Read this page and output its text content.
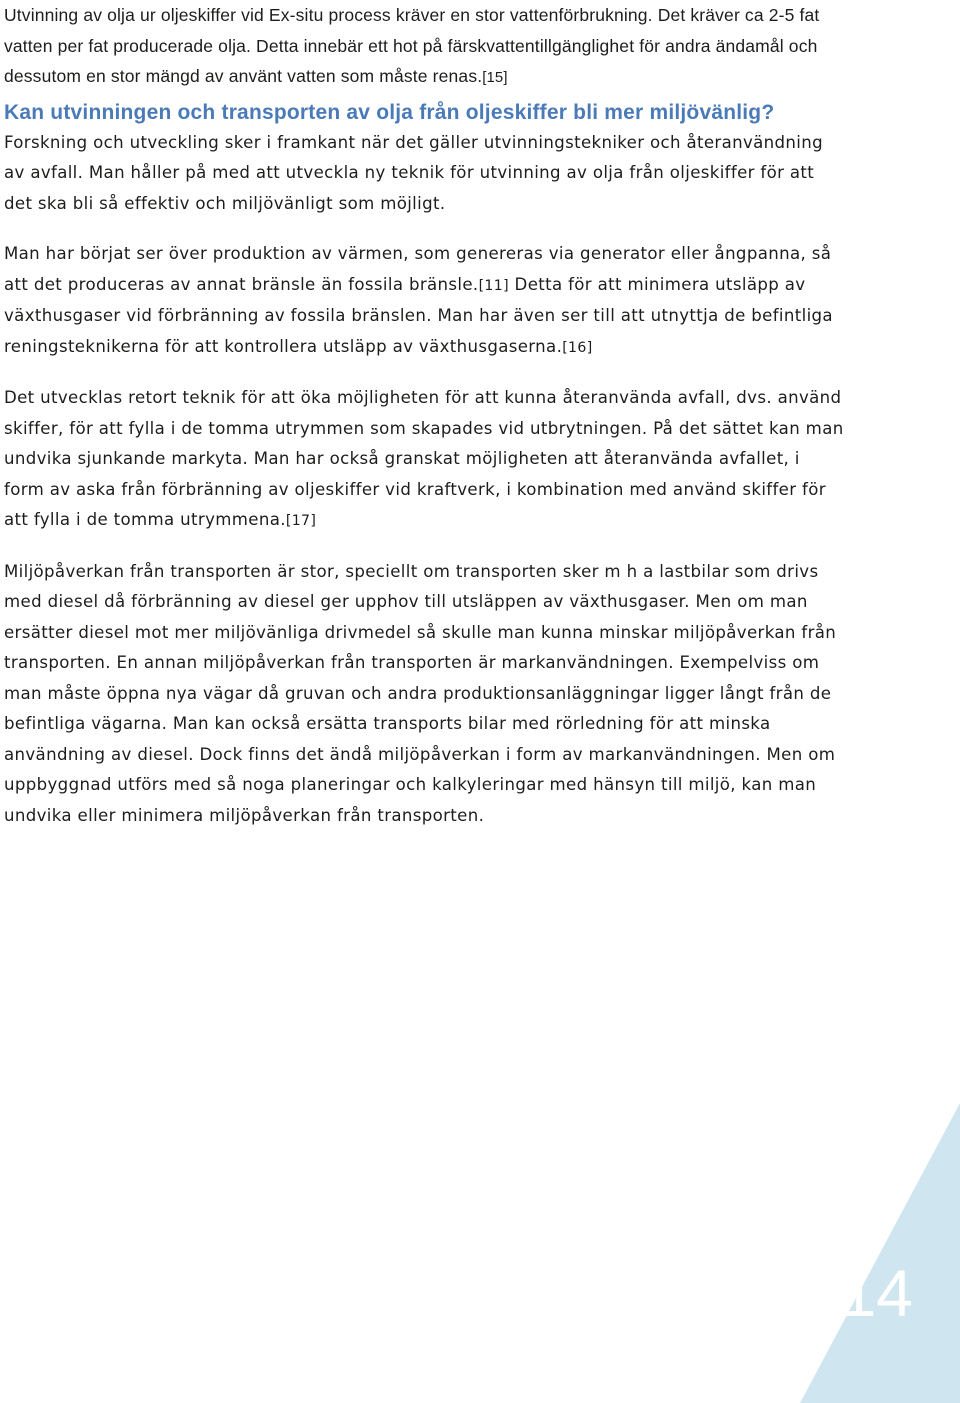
Utvinning av olja ur oljeskiffer vid Ex-situ process kräver en stor vattenförbrukning. Det kräver ca 2-5 fat vatten per fat producerade olja. Detta innebär ett hot på färskvattentillgänglighet för andra ändamål och dessutom en stor mängd av använt vatten som måste renas.[15]

Kan utvinningen och transporten av olja från oljeskiffer bli mer miljövänlig?

Forskning och utveckling sker i framkant när det gäller utvinningstekniker och återanvändning av avfall. Man håller på med att utveckla ny teknik för utvinning av olja från oljeskiffer för att det ska bli så effektiv och miljövänligt som möjligt.

Man har börjat ser över produktion av värmen, som genereras via generator eller ångpanna, så att det produceras av annat bränsle än fossila bränsle.[11] Detta för att minimera utsläpp av växthusgaser vid förbränning av fossila bränslen. Man har även ser till att utnyttja de befintliga reningsteknikerna för att kontrollera utsläpp av växthusgaserna.[16]

Det utvecklas retort teknik för att öka möjligheten för att kunna återanvända avfall, dvs. använd skiffer, för att fylla i de tomma utrymmen som skapades vid utbrytningen. På det sättet kan man undvika sjunkande markyta. Man har också granskat möjligheten att återanvända avfallet, i form av aska från förbränning av oljeskiffer vid kraftverk, i kombination med använd skiffer för att fylla i de tomma utrymmena.[17]

Miljöpåverkan från transporten är stor, speciellt om transporten sker m h a lastbilar som drivs med diesel då förbränning av diesel ger upphov till utsläppen av växthusgaser. Men om man ersätter diesel mot mer miljövänliga drivmedel så skulle man kunna minskar miljöpåverkan från transporten. En annan miljöpåverkan från transporten är markanvändningen. Exempelviss om man måste öppna nya vägar då gruvan och andra produktionsanläggningar ligger långt från de befintliga vägarna. Man kan också ersätta transports bilar med rörledning för att minska användning av diesel. Dock finns det ändå miljöpåverkan i form av markanvändningen. Men om uppbyggnad utförs med så noga planeringar och kalkyleringar med hänsyn till miljö, kan man undvika eller minimera miljöpåverkan från transporten.

14
